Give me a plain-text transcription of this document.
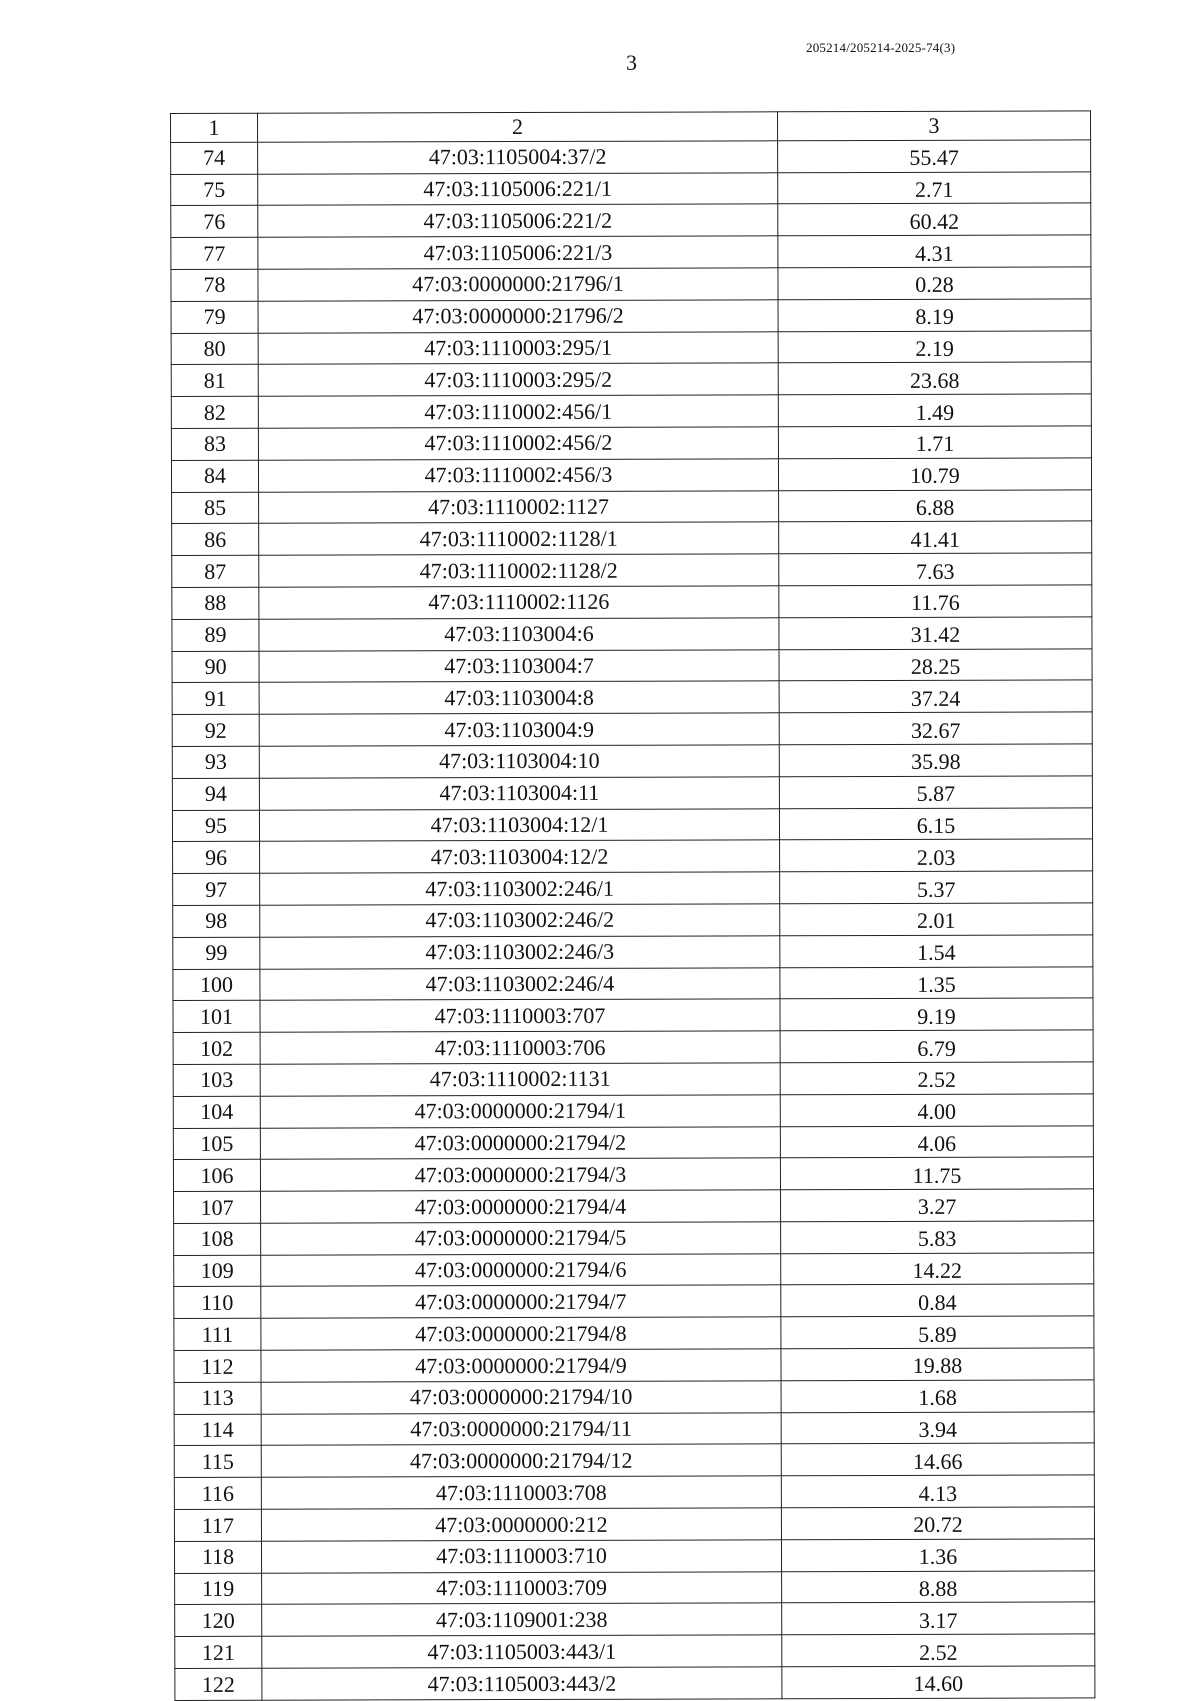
3
205214/205214-2025-74(3)
1	2	3
74	47:03:1105004:37/2	55.47
75	47:03:1105006:221/1	2.71
76	47:03:1105006:221/2	60.42
77	47:03:1105006:221/3	4.31
78	47:03:0000000:21796/1	0.28
79	47:03:0000000:21796/2	8.19
80	47:03:1110003:295/1	2.19
81	47:03:1110003:295/2	23.68
82	47:03:1110002:456/1	1.49
83	47:03:1110002:456/2	1.71
84	47:03:1110002:456/3	10.79
85	47:03:1110002:1127	6.88
86	47:03:1110002:1128/1	41.41
87	47:03:1110002:1128/2	7.63
88	47:03:1110002:1126	11.76
89	47:03:1103004:6	31.42
90	47:03:1103004:7	28.25
91	47:03:1103004:8	37.24
92	47:03:1103004:9	32.67
93	47:03:1103004:10	35.98
94	47:03:1103004:11	5.87
95	47:03:1103004:12/1	6.15
96	47:03:1103004:12/2	2.03
97	47:03:1103002:246/1	5.37
98	47:03:1103002:246/2	2.01
99	47:03:1103002:246/3	1.54
100	47:03:1103002:246/4	1.35
101	47:03:1110003:707	9.19
102	47:03:1110003:706	6.79
103	47:03:1110002:1131	2.52
104	47:03:0000000:21794/1	4.00
105	47:03:0000000:21794/2	4.06
106	47:03:0000000:21794/3	11.75
107	47:03:0000000:21794/4	3.27
108	47:03:0000000:21794/5	5.83
109	47:03:0000000:21794/6	14.22
110	47:03:0000000:21794/7	0.84
111	47:03:0000000:21794/8	5.89
112	47:03:0000000:21794/9	19.88
113	47:03:0000000:21794/10	1.68
114	47:03:0000000:21794/11	3.94
115	47:03:0000000:21794/12	14.66
116	47:03:1110003:708	4.13
117	47:03:0000000:212	20.72
118	47:03:1110003:710	1.36
119	47:03:1110003:709	8.88
120	47:03:1109001:238	3.17
121	47:03:1105003:443/1	2.52
122	47:03:1105003:443/2	14.60
